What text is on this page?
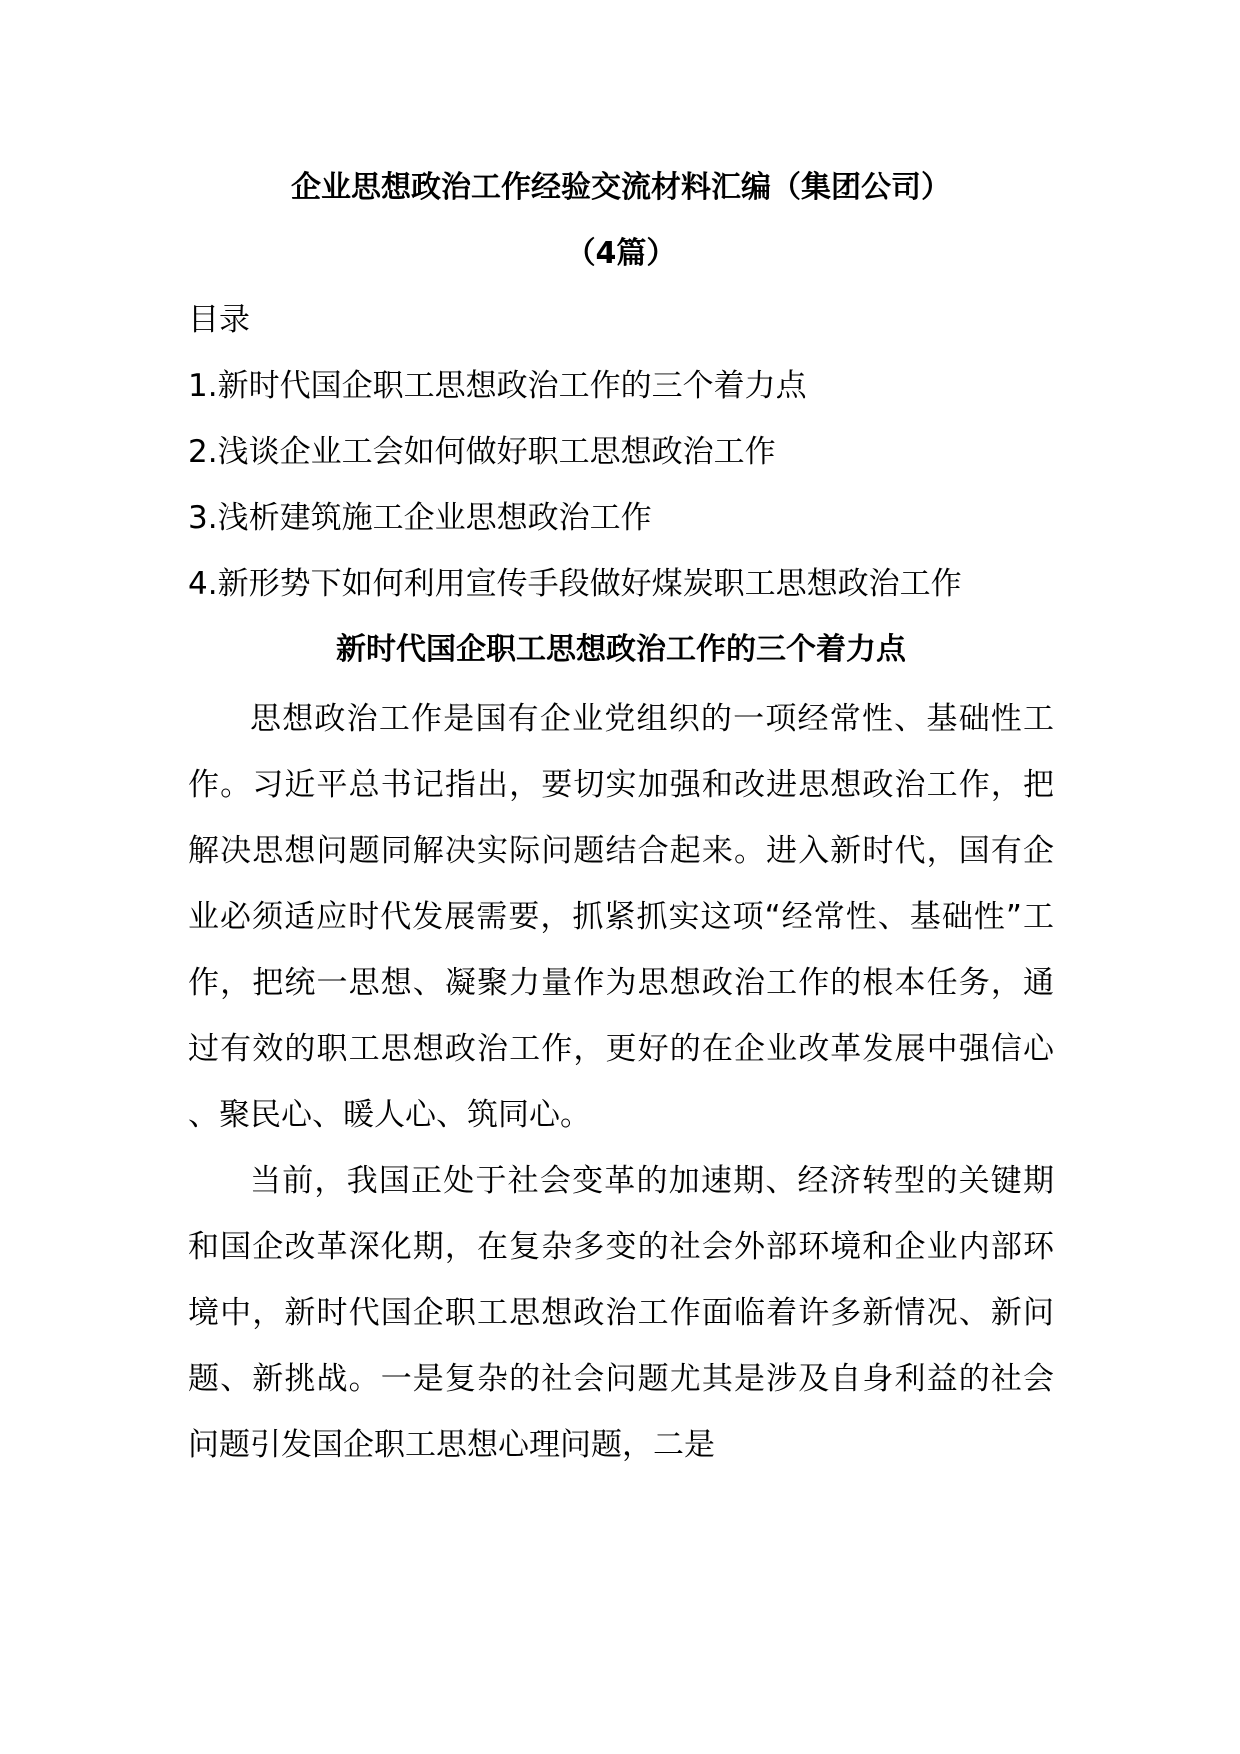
企业思想政治工作经验交流材料汇编（集团公司）
（4篇）
目录
1.新时代国企职工思想政治工作的三个着力点
2.浅谈企业工会如何做好职工思想政治工作
3.浅析建筑施工企业思想政治工作
4.新形势下如何利用宣传手段做好煤炭职工思想政治工作
新时代国企职工思想政治工作的三个着力点

思想政治工作是国有企业党组织的一项经常性、基础性工作。习近平总书记指出，要切实加强和改进思想政治工作，把解决思想问题同解决实际问题结合起来。进入新时代，国有企业必须适应时代发展需要，抓紧抓实这项“经常性、基础性”工作，把统一思想、凝聚力量作为思想政治工作的根本任务，通过有效的职工思想政治工作，更好的在企业改革发展中强信心、聚民心、暖人心、筑同心。

当前，我国正处于社会变革的加速期、经济转型的关键期和国企改革深化期，在复杂多变的社会外部环境和企业内部环境中，新时代国企职工思想政治工作面临着许多新情况、新问题、新挑战。一是复杂的社会问题尤其是涉及自身利益的社会问题引发国企职工思想心理问题，二是
